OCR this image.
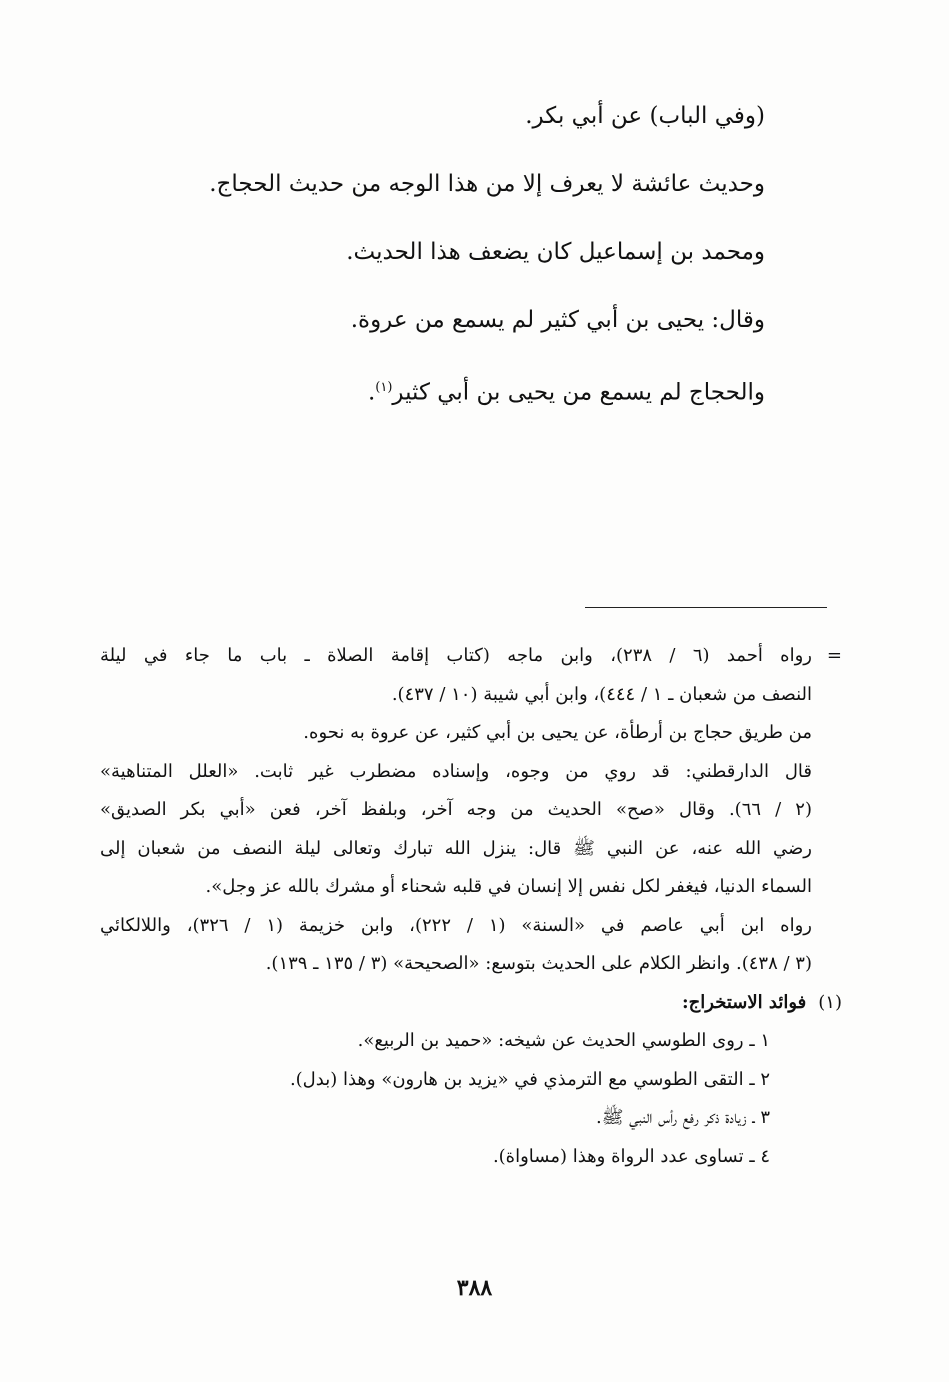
(وفي الباب) عن أبي بكر.
وحديث عائشة لا يعرف إلا من هذا الوجه من حديث الحجاج.
ومحمد بن إسماعيل كان يضعف هذا الحديث.
وقال: يحيى بن أبي كثير لم يسمع من عروة.
والحجاج لم يسمع من يحيى بن أبي كثير$^{(١)}$.
=
رواه أحمد (٦ / ٢٣٨)، وابن ماجه (كتاب إقامة الصلاة ـ باب ما جاء في ليلة
النصف من شعبان ـ ١ / ٤٤٤)، وابن أبي شيبة (١٠ / ٤٣٧).
من طريق حجاج بن أرطأة، عن يحيى بن أبي كثير، عن عروة به نحوه.
قال الدارقطني: قد روي من وجوه، وإسناده مضطرب غير ثابت. «العلل المتناهية»
(٢ / ٦٦). وقال «صح» الحديث من وجه آخر، وبلفظ آخر، فعن «أبي بكر الصديق»
رضي الله عنه، عن النبي ﷺ قال: ينزل الله تبارك وتعالى ليلة النصف من شعبان إلى
السماء الدنيا، فيغفر لكل نفس إلا إنسان في قلبه شحناء أو مشرك بالله عز وجل».
رواه ابن أبي عاصم في «السنة» (١ / ٢٢٢)، وابن خزيمة (١ / ٣٢٦)، واللالكائي
(٣ / ٤٣٨). وانظر الكلام على الحديث بتوسع: «الصحيحة» (٣ / ١٣٥ ـ ١٣٩).
(١) فوائد الاستخراج:
١ ـ روى الطوسي الحديث عن شيخه: «حميد بن الربيع».
٢ ـ التقى الطوسي مع الترمذي في «يزيد بن هارون» وهذا (بدل).
٣ ـ زيادة ذكر رفع رأس النبي ﷺ.
٤ ـ تساوى عدد الرواة وهذا (مساواة).
٣٨٨
